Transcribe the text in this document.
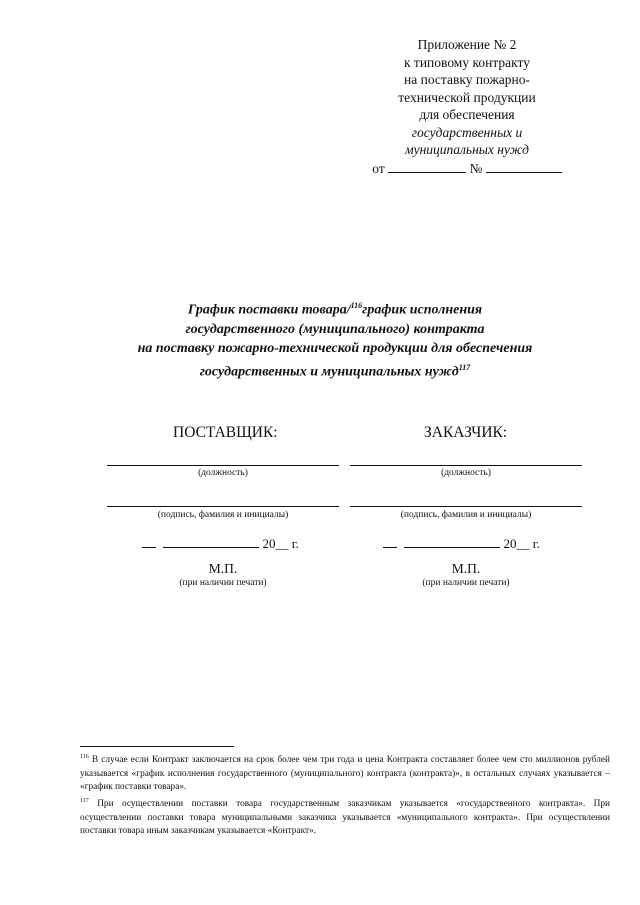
Приложение № 2
к типовому контракту
на поставку пожарно-
технической продукции
для обеспечения
государственных и
муниципальных нужд
от	№
График поставки товара/$^{116}$график исполнения
государственного (муниципального) контракта
на поставку пожарно-технической продукции для обеспечения
государственных и муниципальных нужд$^{117}$
ПОСТАВЩИК:	ЗАКАЗЧИК:
(должность)	(должность)
(подпись, фамилия и инициалы)	(подпись, фамилия и инициалы)
20__ г.	20__ г.
М.П.	М.П.
(при наличии печати)	(при наличии печати)

$^{116}$ В случае если Контракт заключается на срок более чем три года и цена Контракта составляет более чем сто миллионов рублей указывается «график исполнения государственного (муниципального) контракта (контракта)», в остальных случаях указывается – «график поставки товара».

$^{117}$ При осуществлении поставки товара государственным заказчикам указывается «государственного контракта». При осуществлении поставки товара муниципальными заказчика указывается «муниципального контракта». При осуществлении поставки товара иным заказчикам указывается «Контракт».
